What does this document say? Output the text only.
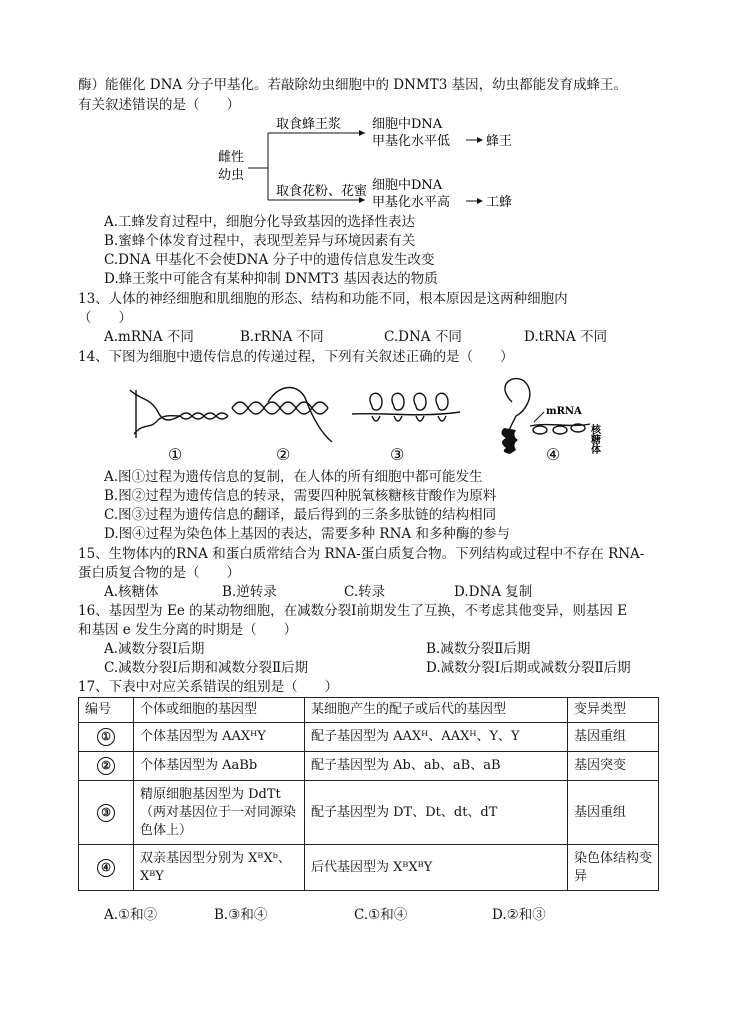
酶）能催化 DNA 分子甲基化。若敲除幼虫细胞中的 DNMT3 基因，幼虫都能发育成蜂王。
有关叙述错误的是（　　）
雌性
幼虫
取食蜂王浆
取食花粉、花蜜
细胞中DNA
甲基化水平低	蜂王
细胞中DNA
甲基化水平高	工蜂
A.工蜂发育过程中，细胞分化导致基因的选择性表达
B.蜜蜂个体发育过程中，表现型差异与环境因素有关
C.DNA 甲基化不会使DNA 分子中的遗传信息发生改变
D.蜂王浆中可能含有某种抑制 DNMT3 基因表达的物质
13、人体的神经细胞和肌细胞的形态、结构和功能不同，根本原因是这两种细胞内
（　　）
A.mRNA 不同	B.rRNA 不同	C.DNA 不同	D.tRNA 不同
14、下图为细胞中遗传信息的传递过程，下列有关叙述正确的是（　　）
①	②	③
mRNA
核糖体
④
A.图①过程为遗传信息的复制，在人体的所有细胞中都可能发生
B.图②过程为遗传信息的转录，需要四种脱氧核糖核苷酸作为原料
C.图③过程为遗传信息的翻译，最后得到的三条多肽链的结构相同
D.图④过程为染色体上基因的表达，需要多种 RNA 和多种酶的参与
15、生物体内的RNA 和蛋白质常结合为 RNA-蛋白质复合物。下列结构或过程中不存在 RNA-
蛋白质复合物的是（　　）
A.核糖体	B.逆转录	C.转录	D.DNA 复制
16、基因型为 Ee 的某动物细胞，在减数分裂Ⅰ前期发生了互换，不考虑其他变异，则基因 E
和基因 e 发生分离的时期是（　　）
A.减数分裂Ⅰ后期	B.减数分裂Ⅱ后期
C.减数分裂Ⅰ后期和减数分裂Ⅱ后期	D.减数分裂Ⅰ后期或减数分裂Ⅱ后期
17、下表中对应关系错误的组别是（　　）
编号	个体或细胞的基因型	某细胞产生的配子或后代的基因型	变异类型
①	个体基因型为 AAXᴴY	配子基因型为 AAXᴴ、AAXᴴ、Y、Y	基因重组
②	个体基因型为 AaBb	配子基因型为 Ab、ab、aB、aB	基因突变
③	精原细胞基因型为 DdTt（两对基因位于一对同源染色体上）	配子基因型为 DT、Dt、dt、dT	基因重组
④	双亲基因型分别为 XᴮXᵇ、XᴮY	后代基因型为 XᴮXᴮY	染色体结构变异
A.①和②	B.③和④	C.①和④	D.②和③
